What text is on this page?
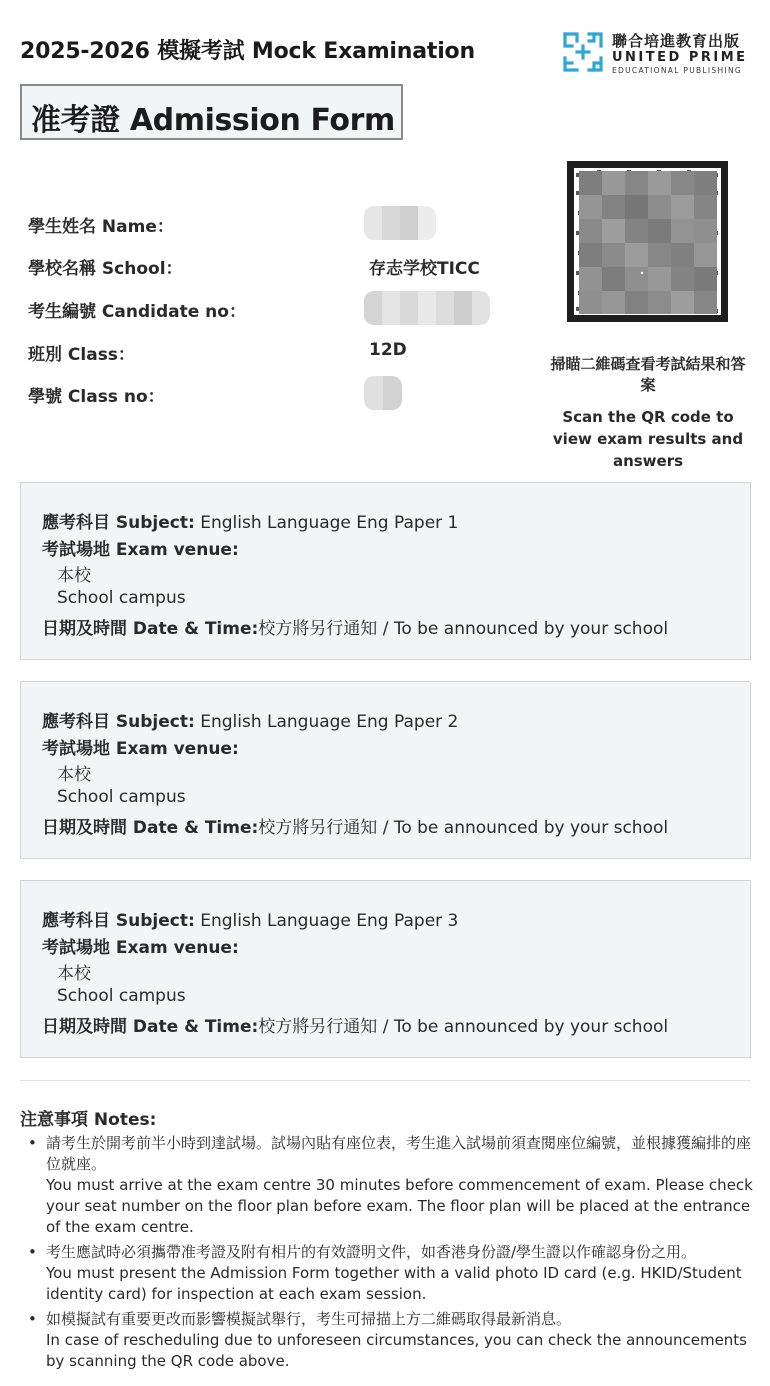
2025-2026 模擬考試 Mock Examination	聯合培進教育出版
UNITED PRIME
EDUCATIONAL PUBLISHING
准考證 Admission Form
學生姓名 Name：
學校名稱 School：	存志学校TICC
考生編號 Candidate no：
班別 Class：	12D
學號 Class no：
掃瞄二維碼查看考試結果和答案
Scan the QR code to view exam results and answers
應考科目 Subject: English Language Eng Paper 1
考試場地 Exam venue:
本校
School campus
日期及時間 Date & Time:校方將另行通知 / To be announced by your school
應考科目 Subject: English Language Eng Paper 2
考試場地 Exam venue:
本校
School campus
日期及時間 Date & Time:校方將另行通知 / To be announced by your school
應考科目 Subject: English Language Eng Paper 3
考試場地 Exam venue:
本校
School campus
日期及時間 Date & Time:校方將另行通知 / To be announced by your school
注意事項 Notes:
• 請考生於開考前半小時到達試場。試場內貼有座位表，考生進入試場前須查閱座位編號，並根據獲編排的座位就座。
You must arrive at the exam centre 30 minutes before commencement of exam. Please check your seat number on the floor plan before exam. The floor plan will be placed at the entrance of the exam centre.
• 考生應試時必須攜帶准考證及附有相片的有效證明文件，如香港身份證/學生證以作確認身份之用。
You must present the Admission Form together with a valid photo ID card (e.g. HKID/Student identity card) for inspection at each exam session.
• 如模擬試有重要更改而影響模擬試舉行，考生可掃描上方二維碼取得最新消息。
In case of rescheduling due to unforeseen circumstances, you can check the announcements by scanning the QR code above.
